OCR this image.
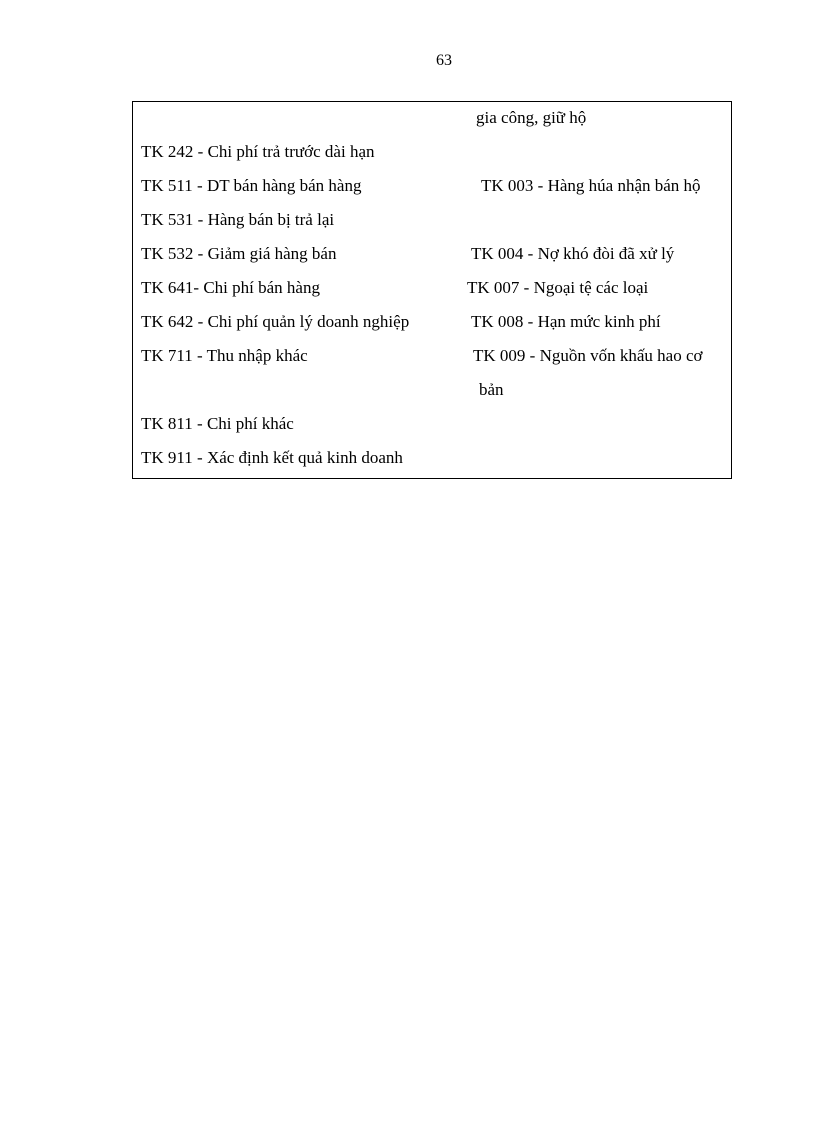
63
gia công, giữ hộ
TK 242 - Chi phí trả trước dài hạn
TK 511 - DT bán hàng bán hàng
TK 531 - Hàng bán bị trả lại
TK 532 - Giảm giá hàng bán
TK 641- Chi phí bán hàng
TK 642 - Chi phí quản lý doanh nghiệp
TK 711 - Thu nhập khác
TK 811 - Chi phí khác
TK 911 - Xác định kết quả kinh doanh
TK 003 - Hàng húa nhận bán hộ
TK 004 - Nợ khó đòi đã xử lý
TK 007 - Ngoại tệ các loại
TK 008 - Hạn mức kinh phí
TK 009 - Nguồn vốn khấu hao cơ
bản
